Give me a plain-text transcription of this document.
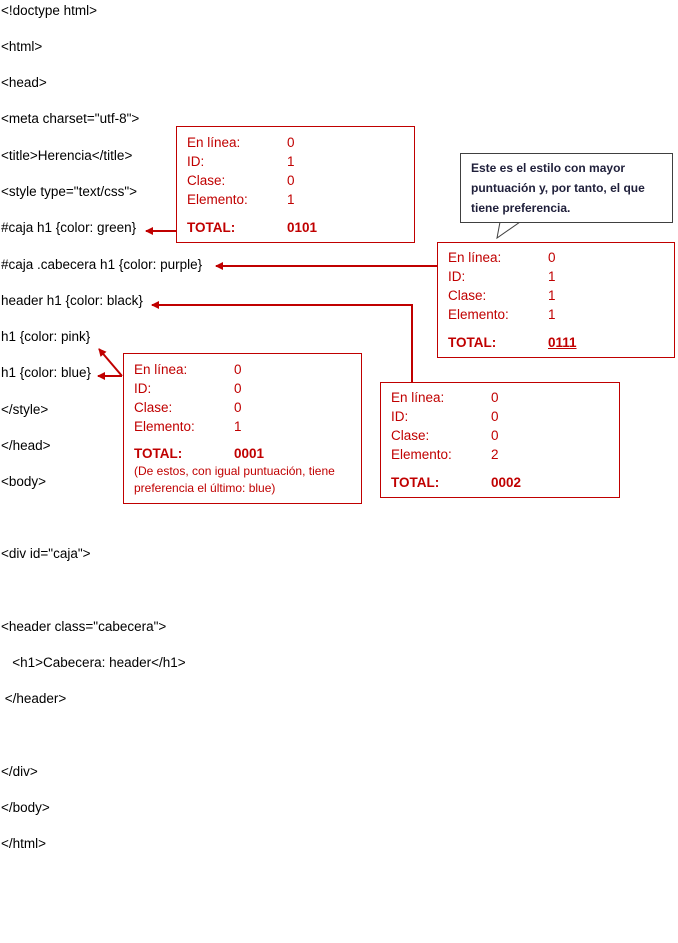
<!doctype html>
<html>
<head>
<meta charset="utf-8">
<title>Herencia</title>
<style type="text/css">
#caja h1 {color: green}
#caja .cabecera h1 {color: purple}
header h1 {color: black}
h1 {color: pink}
h1 {color: blue}
</style>
</head>
<body>
<div id="caja">
<header class="cabecera">
<h1>Cabecera: header</h1>
</header>
</div>
</body>
</html>
En línea:	0
ID:	1
Clase:	0
Elemento:	1
TOTAL:	0101
Este es el estilo con mayor puntuación y, por tanto, el que tiene preferencia.
En línea:	0
ID:	1
Clase:	1
Elemento:	1
TOTAL:	0111
En línea:	0
ID:	0
Clase:	0
Elemento:	1
TOTAL:	0001
(De estos, con igual puntuación, tiene preferencia el último: blue)
En línea:	0
ID:	0
Clase:	0
Elemento:	2
TOTAL:	0002
